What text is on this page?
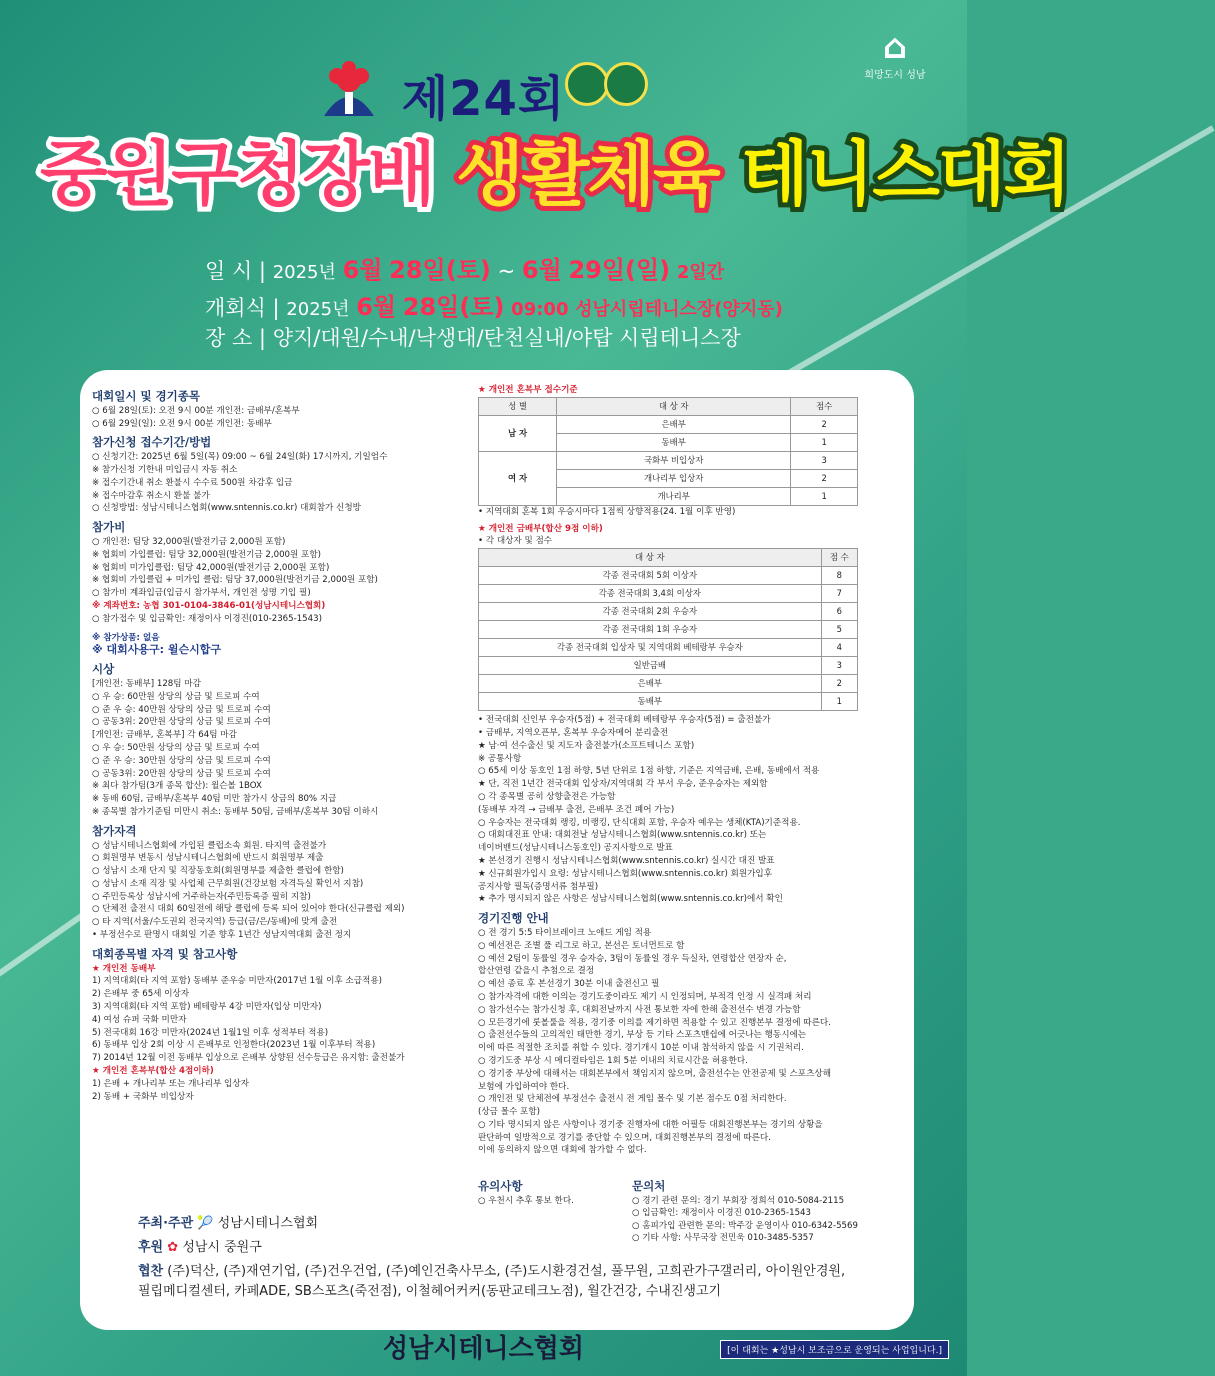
⌂
희망도시 성남
제24회
중원구청장배 생활체육 테니스대회
일 시 | 2025년 6월 28일(토) ~ 6월 29일(일) 2일간
개회식 | 2025년 6월 28일(토) 09:00 성남시립테니스장(양지동)
장 소 | 양지/대원/수내/낙생대/탄천실내/야탑 시립테니스장
대회일시 및 경기종목
○ 6월 28일(토): 오전 9시 00분 개인전: 금배부/혼복부
○ 6월 29일(일): 오전 9시 00분 개인전: 동배부
참가신청 접수기간/방법
○ 신청기간: 2025년 6월 5일(목) 09:00 ~ 6월 24일(화) 17시까지, 기일엄수
※ 참가신청 기한내 미입금시 자동 취소
※ 접수기간내 취소 환불시 수수료 500원 차감후 입금
※ 접수마감후 취소시 환불 불가
○ 신청방법: 성남시테니스협회(www.sntennis.co.kr) 대회참가 신청방
참가비
○ 개인전: 팀당 32,000원(발전기금 2,000원 포함)
※ 협회비 가입클럽: 팀당 32,000원(발전기금 2,000원 포함)
※ 협회비 미가입클럽: 팀당 42,000원(발전기금 2,000원 포함)
※ 협회비 가입클럽 + 미가입 클럽: 팀당 37,000원(발전기금 2,000원 포함)
○ 참가비 계좌입금(입금시 참가부서, 개인전 성명 기입 필)
※ 계좌번호: 농협 301-0104-3846-01(성남시테니스협회)
○ 참가접수 및 입금확인: 재정이사 이경진(010-2365-1543)
※ 참가상품: 없음
※ 대회사용구: 윌슨시합구
시상
[개인전: 동배부] 128팀 마감
○ 우 승: 60만원 상당의 상금 및 트로피 수여
○ 준 우 승: 40만원 상당의 상금 및 트로피 수여
○ 공동3위: 20만원 상당의 상금 및 트로피 수여
[개인전: 금배부, 혼복부] 각 64팀 마감
○ 우 승: 50만원 상당의 상금 및 트로피 수여
○ 준 우 승: 30만원 상당의 상금 및 트로피 수여
○ 공동3위: 20만원 상당의 상금 및 트로피 수여
※ 최다 참가팀(3개 종목 합산): 윌슨볼 1BOX
※ 동배 60팀, 금배부/혼복부 40팀 미만 참가시 상금의 80% 지급
※ 종목별 참가기준팀 미만시 취소: 동배부 50팀, 금배부/혼복부 30팀 이하시
참가자격
○ 성남시테니스협회에 가입된 클럽소속 회원. 타지역 출전불가
○ 회원명부 변동시 성남시테니스협회에 반드시 회원명부 제출
○ 성남시 소재 단지 및 직장동호회(회원명부를 제출한 클럽에 한함)
○ 성남시 소재 직장 및 사업체 근무회원(건강보험 자격득실 확인서 지참)
○ 주민등록상 성남시에 거주하는자(주민등록증 필히 지참)
○ 단체전 출전시 대회 60일전에 해당 클럽에 등록 되어 있어야 한다(신규클럽 제외)
○ 타 지역(서울/수도권외 전국지역) 등급(금/은/동배)에 맞게 출전
• 부정선수로 판명시 대회일 기준 향후 1년간 성남지역대회 출전 정지
대회종목별 자격 및 참고사항
★ 개인전 동배부
1) 지역대회(타 지역 포함) 동배부 준우승 미만자(2017년 1월 이후 소급적용)
2) 은배부 중 65세 이상자
3) 지역대회(타 지역 포함) 베테랑부 4강 미만자(입상 미만자)
4) 여성 슈퍼 국화 미만자
5) 전국대회 16강 미만자(2024년 1월1일 이후 성적부터 적용)
6) 동배부 입상 2회 이상 시 은배부로 인정한다(2023년 1월 이후부터 적용)
7) 2014년 12월 이전 동배부 입상으로 은배부 상향된 선수등급은 유지함: 출전불가
★ 개인전 혼복부(합산 4점이하)
1) 은배 + 개나리부 또는 개나리부 입상자
2) 동배 + 국화부 비입상자
★ 개인전 혼복부 접수기준
성 별	대 상 자	점수
남 자	은배부	2
	동배부	1
여 자	국화부 비입상자	3
	개나리부 입상자	2
	개나리부	1
• 지역대회 혼복 1회 우승시마다 1점씩 상향적용(24. 1월 이후 반영)
★ 개인전 금배부(합산 9점 이하)
• 각 대상자 및 점수
대 상 자	점 수
각종 전국대회 5회 이상자	8
각종 전국대회 3,4회 이상자	7
각종 전국대회 2회 우승자	6
각종 전국대회 1회 우승자	5
각종 전국대회 입상자 및 지역대회 베테랑부 우승자	4
일반금배	3
은배부	2
동배부	1
• 전국대회 신인부 우승자(5점) + 전국대회 베테랑부 우승자(5점) = 출전불가
• 금배부, 지역오픈부, 혼복부 우승자메어 분리출전
★ 남·여 선수출신 및 지도자 출전불가(소프트테니스 포함)
※ 공통사항
○ 65세 이상 동호인 1점 하향, 5년 단위로 1점 하향, 기준은 지역금배, 은배, 동배에서 적용
★ 단, 직전 1년간 전국대회 입상자/지역대회 각 부서 우승, 준우승자는 제외함
○ 각 종목별 공히 상향출전은 가능함
(동배부 자격 → 금배부 출전, 은배부 조건 폐어 가능)
○ 우승자는 전국대회 랭킹, 비랭킹, 단식대회 포함, 우승자 예우는 생체(KTA)기준적용.
○ 대회대진표 안내: 대회전날 성남시테니스협회(www.sntennis.co.kr) 또는
네이버밴드(성남시테니스동호인) 공지사항으로 발표
★ 본선경기 진행시 성남시테니스협회(www.sntennis.co.kr) 실시간 대진 발표
★ 신규회원가입시 요령: 성남시테니스협회(www.sntennis.co.kr) 회원가입후
공지사항 필독(증명서류 첨부필)
★ 추가 명시되지 않은 사항은 성남시테니스협회(www.sntennis.co.kr)에서 확인
경기진행 안내
○ 전 경기 5:5 타이브레이크 노애드 게임 적용
○ 예선전은 조별 풀 리그로 하고, 본선은 토너먼트로 함
○ 예선 2팀이 동률일 경우 승자승, 3팀이 동률일 경우 득실차, 연령합산 연장자 순,
합산연령 같을시 추첨으로 결정
○ 예선 종료 후 본선경기 30분 이내 출전신고 필
○ 참가자격에 대한 이의는 경기도중이라도 제기 시 인정되며, 부적격 인정 시 실격패 처리
○ 참가선수는 참가신청 후, 대회전날까지 사전 통보한 자에 한해 출전선수 변경 가능함
○ 모든경기에 룻볼룰을 적용, 경기중 이의를 제기하면 적용할 수 있고 진행본부 결정에 따른다.
○ 출전선수들의 고의적인 태만한 경기, 부상 등 기타 스포츠맨쉽에 어긋나는 행동시에는
이에 따른 적절한 조치를 취할 수 있다. 경기개시 10분 이내 참석하지 않을 시 기권처리.
○ 경기도중 부상 시 메디컬타임은 1회 5분 이내의 치료시간을 허용한다.
○ 경기중 부상에 대해서는 대회본부에서 책임지지 않으며, 출전선수는 안전공제 및 스포츠상해
보험에 가입하여야 한다.
○ 개인전 및 단체전에 부정선수 출전시 전 게임 몰수 및 기본 점수도 0점 처리한다.
(상금 몰수 포함)
○ 기타 명시되지 않은 사항이나 경기중 진행자에 대한 어필등 대회진행본부는 경기의 상황을
판단하여 일방적으로 경기를 중단할 수 있으며, 대회진행본부의 결정에 따른다.
이에 동의하지 않으면 대회에 참가할 수 없다.
유의사항
○ 우천시 추후 통보 한다.
문의처
○ 경기 관련 문의: 경기 부회장 정희석 010-5084-2115
○ 입금확인: 재정이사 이경진 010-2365-1543
○ 홈피가입 관련한 문의: 박주강 운영이사 010-6342-5569
○ 기타 사항: 사무국장 전민욱 010-3485-5357
주최·주관 🎾 성남시테니스협회
후원 ✿ 성남시 중원구
협찬 (주)덕산, (주)재연기업, (주)건우건업, (주)예인건축사무소, (주)도시환경건설, 풀무원, 고희관가구갤러리, 아이원안경원, 필립메디컬센터, 카페ADE, SB스포츠(죽전점), 이철헤어커커(동판교테크노점), 월간건강, 수내진생고기
성남시테니스협회	[이 대회는 ★성남시 보조금으로 운영되는 사업입니다.]
